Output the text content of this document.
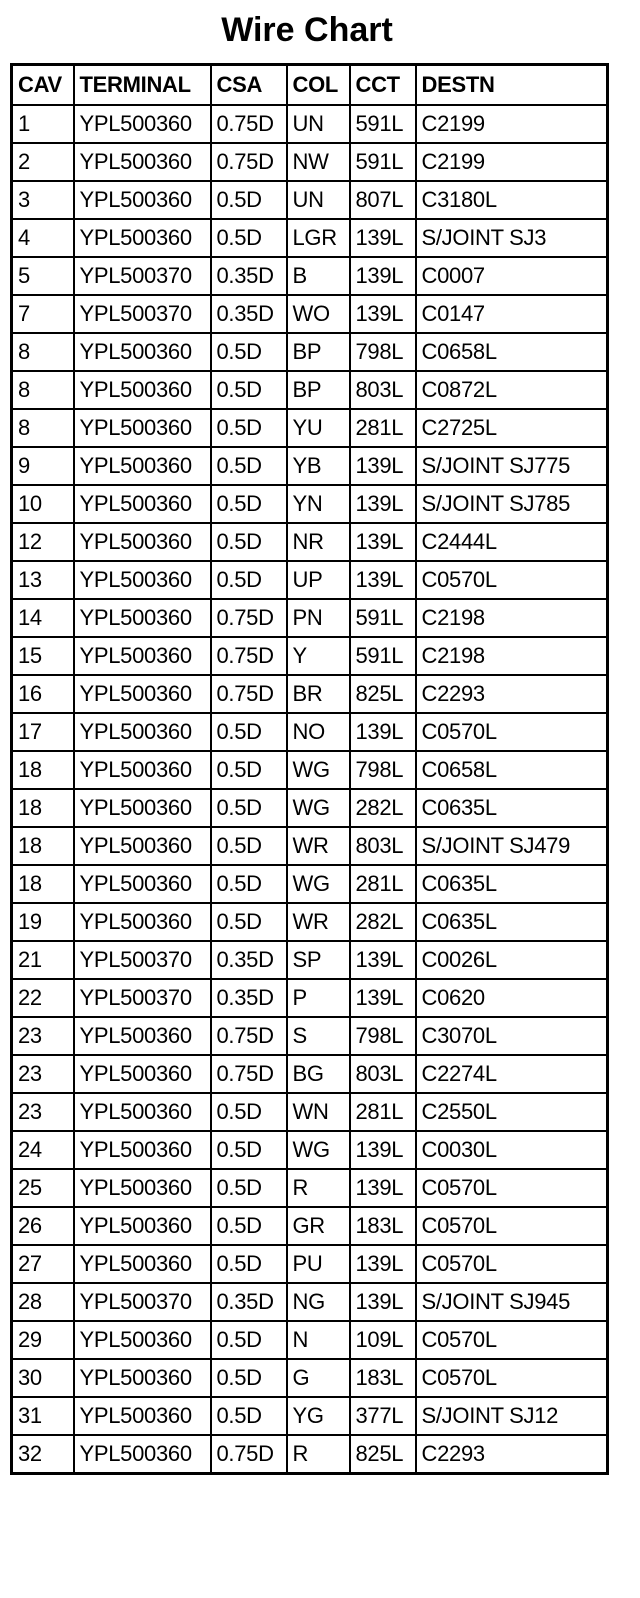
Wire Chart
CAV	TERMINAL	CSA	COL	CCT	DESTN
1	YPL500360	0.75D	UN	591L	C2199
2	YPL500360	0.75D	NW	591L	C2199
3	YPL500360	0.5D	UN	807L	C3180L
4	YPL500360	0.5D	LGR	139L	S/JOINT SJ3
5	YPL500370	0.35D	B	139L	C0007
7	YPL500370	0.35D	WO	139L	C0147
8	YPL500360	0.5D	BP	798L	C0658L
8	YPL500360	0.5D	BP	803L	C0872L
8	YPL500360	0.5D	YU	281L	C2725L
9	YPL500360	0.5D	YB	139L	S/JOINT SJ775
10	YPL500360	0.5D	YN	139L	S/JOINT SJ785
12	YPL500360	0.5D	NR	139L	C2444L
13	YPL500360	0.5D	UP	139L	C0570L
14	YPL500360	0.75D	PN	591L	C2198
15	YPL500360	0.75D	Y	591L	C2198
16	YPL500360	0.75D	BR	825L	C2293
17	YPL500360	0.5D	NO	139L	C0570L
18	YPL500360	0.5D	WG	798L	C0658L
18	YPL500360	0.5D	WG	282L	C0635L
18	YPL500360	0.5D	WR	803L	S/JOINT SJ479
18	YPL500360	0.5D	WG	281L	C0635L
19	YPL500360	0.5D	WR	282L	C0635L
21	YPL500370	0.35D	SP	139L	C0026L
22	YPL500370	0.35D	P	139L	C0620
23	YPL500360	0.75D	S	798L	C3070L
23	YPL500360	0.75D	BG	803L	C2274L
23	YPL500360	0.5D	WN	281L	C2550L
24	YPL500360	0.5D	WG	139L	C0030L
25	YPL500360	0.5D	R	139L	C0570L
26	YPL500360	0.5D	GR	183L	C0570L
27	YPL500360	0.5D	PU	139L	C0570L
28	YPL500370	0.35D	NG	139L	S/JOINT SJ945
29	YPL500360	0.5D	N	109L	C0570L
30	YPL500360	0.5D	G	183L	C0570L
31	YPL500360	0.5D	YG	377L	S/JOINT SJ12
32	YPL500360	0.75D	R	825L	C2293
